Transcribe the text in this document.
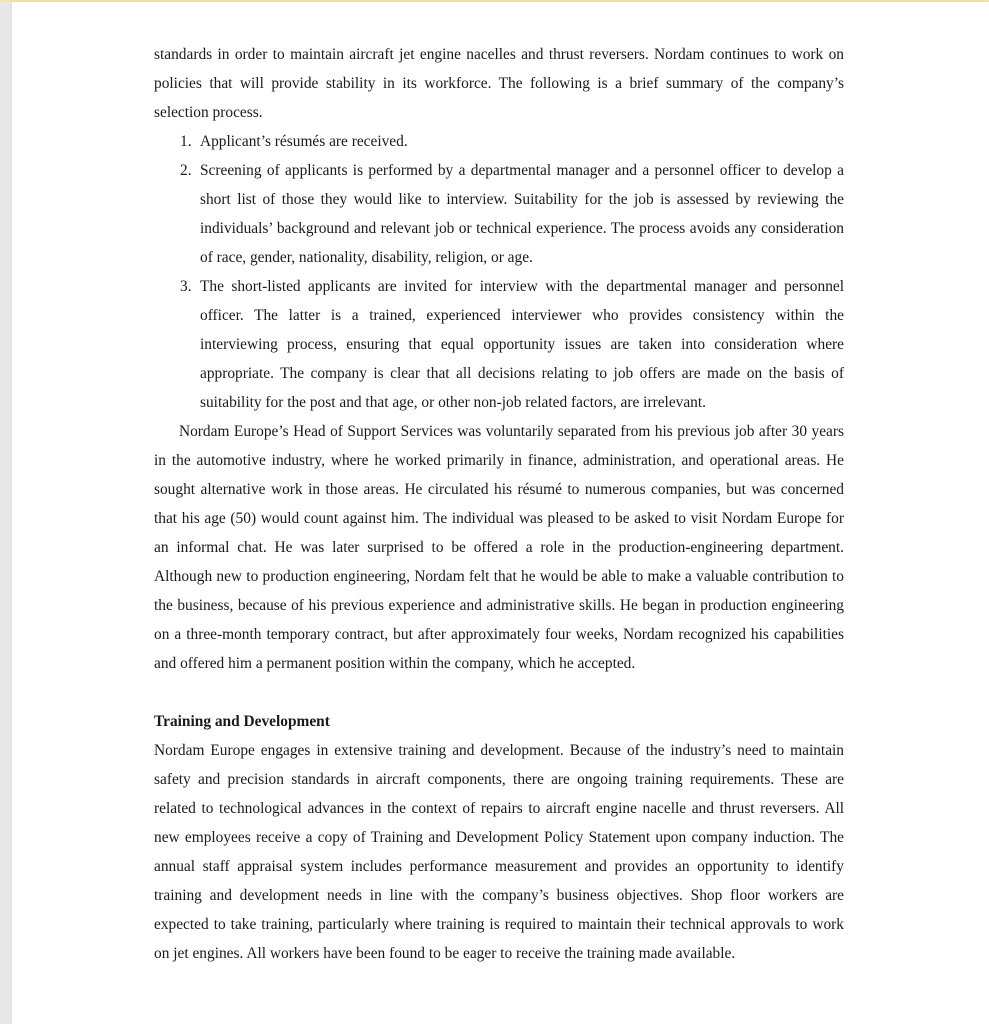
standards in order to maintain aircraft jet engine nacelles and thrust reversers. Nordam continues to work on policies that will provide stability in its workforce. The following is a brief summary of the company’s selection process.

1. Applicant’s résumés are received.
2. Screening of applicants is performed by a departmental manager and a personnel officer to develop a short list of those they would like to interview. Suitability for the job is assessed by reviewing the individuals’ background and relevant job or technical experience. The process avoids any consideration of race, gender, nationality, disability, religion, or age.
3. The short-listed applicants are invited for interview with the departmental manager and personnel officer. The latter is a trained, experienced interviewer who provides consistency within the interviewing process, ensuring that equal opportunity issues are taken into consideration where appropriate. The company is clear that all decisions relating to job offers are made on the basis of suitability for the post and that age, or other non-job related factors, are irrelevant.

Nordam Europe’s Head of Support Services was voluntarily separated from his previous job after 30 years in the automotive industry, where he worked primarily in finance, administration, and operational areas. He sought alternative work in those areas. He circulated his résumé to numerous companies, but was concerned that his age (50) would count against him. The individual was pleased to be asked to visit Nordam Europe for an informal chat. He was later surprised to be offered a role in the production-engineering department. Although new to production engineering, Nordam felt that he would be able to make a valuable contribution to the business, because of his previous experience and administrative skills. He began in production engineering on a three-month temporary contract, but after approximately four weeks, Nordam recognized his capabilities and offered him a permanent position within the company, which he accepted.

Training and Development

Nordam Europe engages in extensive training and development. Because of the industry’s need to maintain safety and precision standards in aircraft components, there are ongoing training requirements. These are related to technological advances in the context of repairs to aircraft engine nacelle and thrust reversers. All new employees receive a copy of Training and Development Policy Statement upon company induction. The annual staff appraisal system includes performance measurement and provides an opportunity to identify training and development needs in line with the company’s business objectives. Shop floor workers are expected to take training, particularly where training is required to maintain their technical approvals to work on jet engines. All workers have been found to be eager to receive the training made available.
